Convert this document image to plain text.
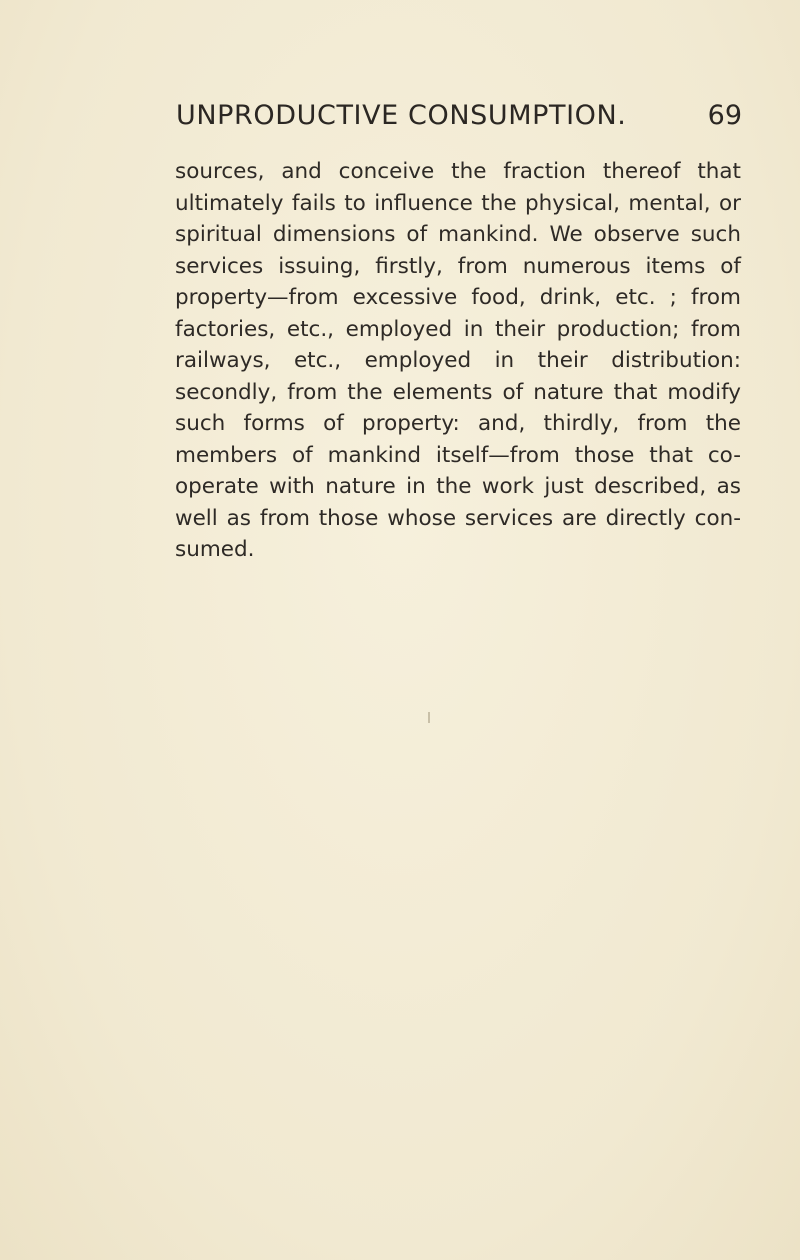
UNPRODUCTIVE CONSUMPTION.	69
sources, and conceive the fraction thereof that
ultimately fails to influence the physical, mental, or
spiritual dimensions of mankind. We observe such
services issuing, firstly, from numerous items of
property—from excessive food, drink, etc. ; from
factories, etc., employed in their production; from
railways, etc., employed in their distribution:
secondly, from the elements of nature that modify
such forms of property: and, thirdly, from the
members of mankind itself—from those that co-
operate with nature in the work just described, as
well as from those whose services are directly con-
sumed.
